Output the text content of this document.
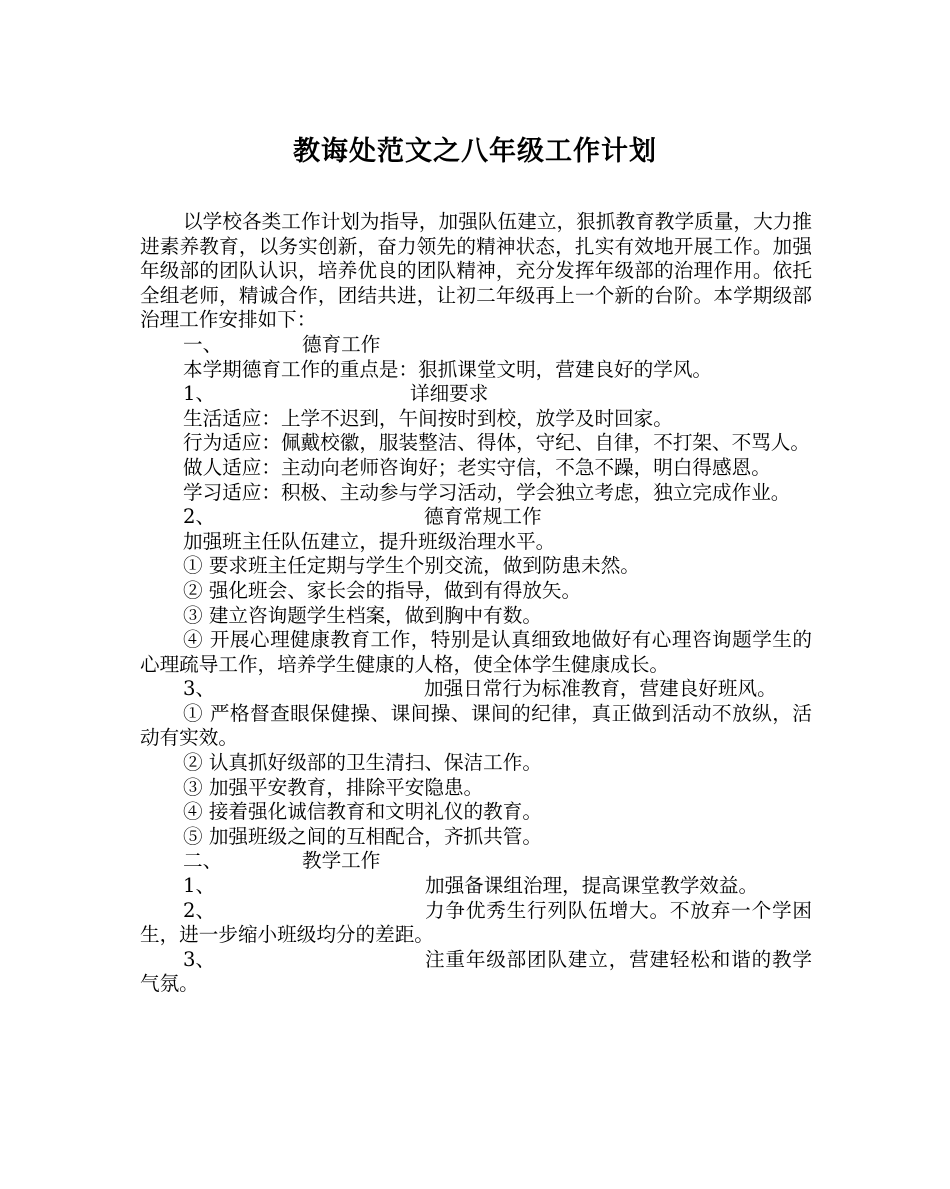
教诲处范文之八年级工作计划

以学校各类工作计划为指导，加强队伍建立，狠抓教育教学质量，大力推进素养教育，以务实创新，奋力领先的精神状态，扎实有效地开展工作。加强年级部的团队认识，培养优良的团队精神，充分发挥年级部的治理作用。依托全组老师，精诚合作，团结共进，让初二年级再上一个新的台阶。本学期级部治理工作安排如下：

一、	德育工作

本学期德育工作的重点是：狠抓课堂文明，营建良好的学风。

1、	详细要求

生活适应：上学不迟到，午间按时到校，放学及时回家。

行为适应：佩戴校徽，服装整洁、得体，守纪、自律，不打架、不骂人。

做人适应：主动向老师咨询好；老实守信，不急不躁，明白得感恩。

学习适应：积极、主动参与学习活动，学会独立考虑，独立完成作业。

2、	德育常规工作

加强班主任队伍建立，提升班级治理水平。

① 要求班主任定期与学生个别交流，做到防患未然。

② 强化班会、家长会的指导，做到有得放矢。

③ 建立咨询题学生档案，做到胸中有数。

④ 开展心理健康教育工作，特别是认真细致地做好有心理咨询题学生的心理疏导工作，培养学生健康的人格，使全体学生健康成长。

3、	加强日常行为标准教育，营建良好班风。

① 严格督查眼保健操、课间操、课间的纪律，真正做到活动不放纵，活动有实效。

② 认真抓好级部的卫生清扫、保洁工作。

③ 加强平安教育，排除平安隐患。

④ 接着强化诚信教育和文明礼仪的教育。

⑤ 加强班级之间的互相配合，齐抓共管。

二、	教学工作
1、	加强备课组治理，提高课堂教学效益。
2、	力争优秀生行列队伍增大。不放弃一个学困生，进一步缩小班级均分的差距。
3、	注重年级部团队建立，营建轻松和谐的教学气氛。
